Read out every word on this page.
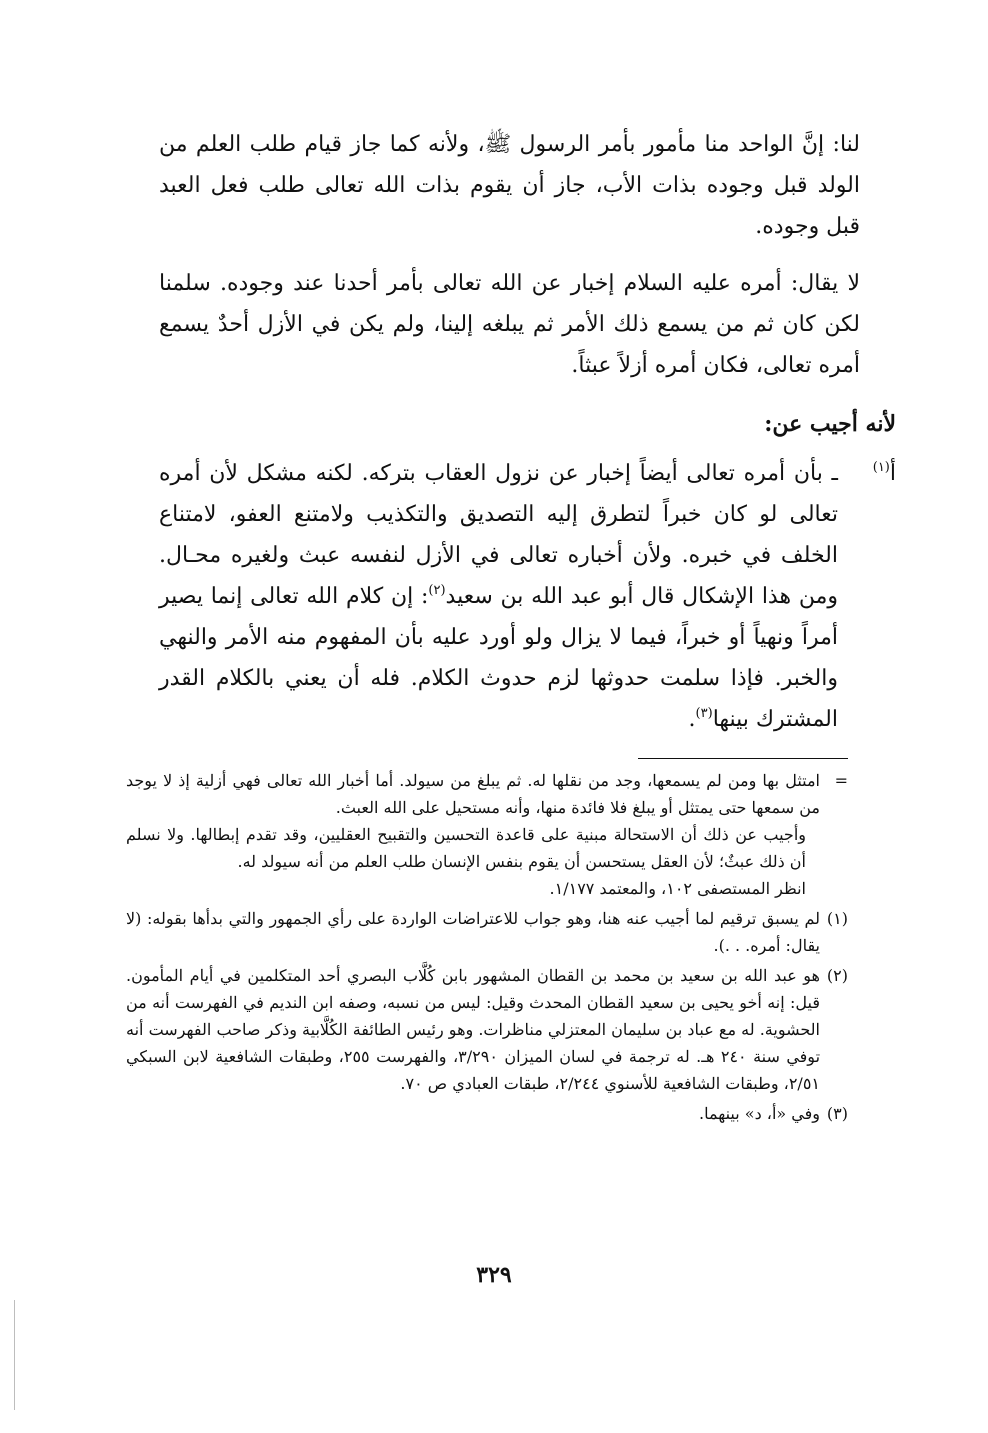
لنا: إنَّ الواحد منا مأمور بأمر الرسول ﷺ، ولأنه كما جاز قيام طلب العلم من الولد قبل وجوده بذات الأب، جاز أن يقوم بذات الله تعالى طلب فعل العبد قبل وجوده.

لا يقال: أمره عليه السلام إخبار عن الله تعالى بأمر أحدنا عند وجوده. سلمنا لكن كان ثم من يسمع ذلك الأمر ثم يبلغه إلينا، ولم يكن في الأزل أحدٌ يسمع أمره تعالى، فكان أمره أزلاً عبثاً.

لأنه أجيب عن:
أ$^{(١)}$
ـ بأن أمره تعالى أيضاً إخبار عن نزول العقاب بتركه. لكنه مشكل لأن أمره تعالى لو كان خبراً لتطرق إليه التصديق والتكذيب ولامتنع العفو، لامتناع الخلف في خبره. ولأن أخباره تعالى في الأزل لنفسه عبث ولغيره محـال. ومن هذا الإشكال قال أبو عبد الله بن سعيد$^{(٢)}$: إن كلام الله تعالى إنما يصير أمراً ونهياً أو خبراً، فيما لا يزال ولو أورد عليه بأن المفهوم منه الأمر والنهي والخبر. فإذا سلمت حدوثها لزم حدوث الكلام. فله أن يعني بالكلام القدر المشترك بينها$^{(٣)}$.
=
امتثل بها ومن لم يسمعها، وجد من نقلها له. ثم يبلغ من سيولد. أما أخبار الله تعالى فهي أزلية إذ لا يوجد من سمعها حتى يمتثل أو يبلغ فلا فائدة منها، وأنه مستحيل على الله العبث.
وأجيب عن ذلك أن الاستحالة مبنية على قاعدة التحسين والتقبيح العقليين، وقد تقدم إبطالها. ولا نسلم أن ذلك عبثٌ؛ لأن العقل يستحسن أن يقوم بنفس الإنسان طلب العلم من أنه سيولد له.
انظر المستصفى ١٠٢، والمعتمد ١/١٧٧.
(١)
لم يسبق ترقيم لما أجيب عنه هنا، وهو جواب للاعتراضات الواردة على رأي الجمهور والتي بدأها بقوله: (لا يقال: أمره. . .).
(٢)
هو عبد الله بن سعيد بن محمد بن القطان المشهور بابن كُلَّاب البصري أحد المتكلمين في أيام المأمون. قيل: إنه أخو يحيى بن سعيد القطان المحدث وقيل: ليس من نسبه، وصفه ابن النديم في الفهرست أنه من الحشوية. له مع عباد بن سليمان المعتزلي مناظرات. وهو رئيس الطائفة الكُلَّابية وذكر صاحب الفهرست أنه توفي سنة ٢٤٠ هـ. له ترجمة في لسان الميزان ٣/٢٩٠، والفهرست ٢٥٥، وطبقات الشافعية لابن السبكي ٢/٥١، وطبقات الشافعية للأسنوي ٢/٢٤٤، طبقات العبادي ص ٧٠.
(٣)
وفي «أ، د» بينهما.
٣٢٩
